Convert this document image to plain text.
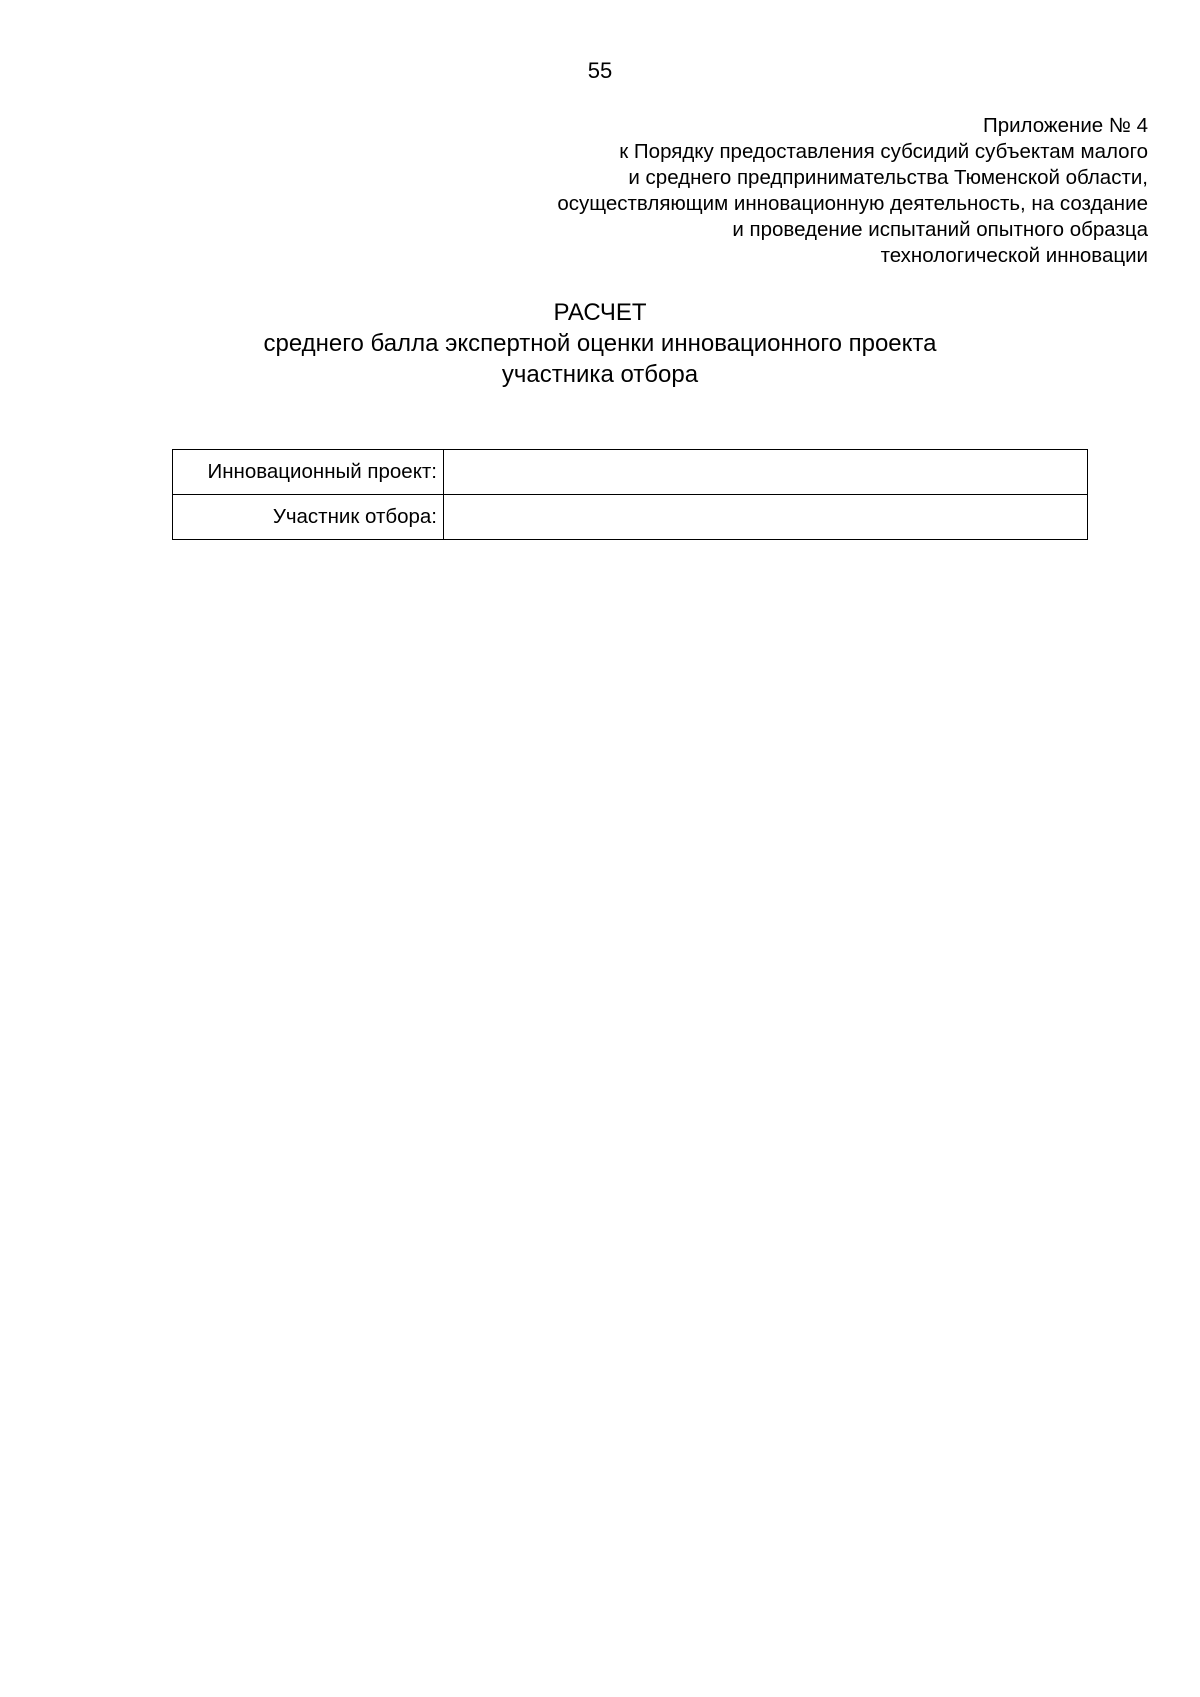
55
Приложение № 4
к Порядку предоставления субсидий субъектам малого
и среднего предпринимательства Тюменской области,
осуществляющим инновационную деятельность, на создание
и проведение испытаний опытного образца
технологической инновации
РАСЧЕТ
среднего балла экспертной оценки инновационного проекта
участника отбора
Инновационный проект:	
Участник отбора:	
